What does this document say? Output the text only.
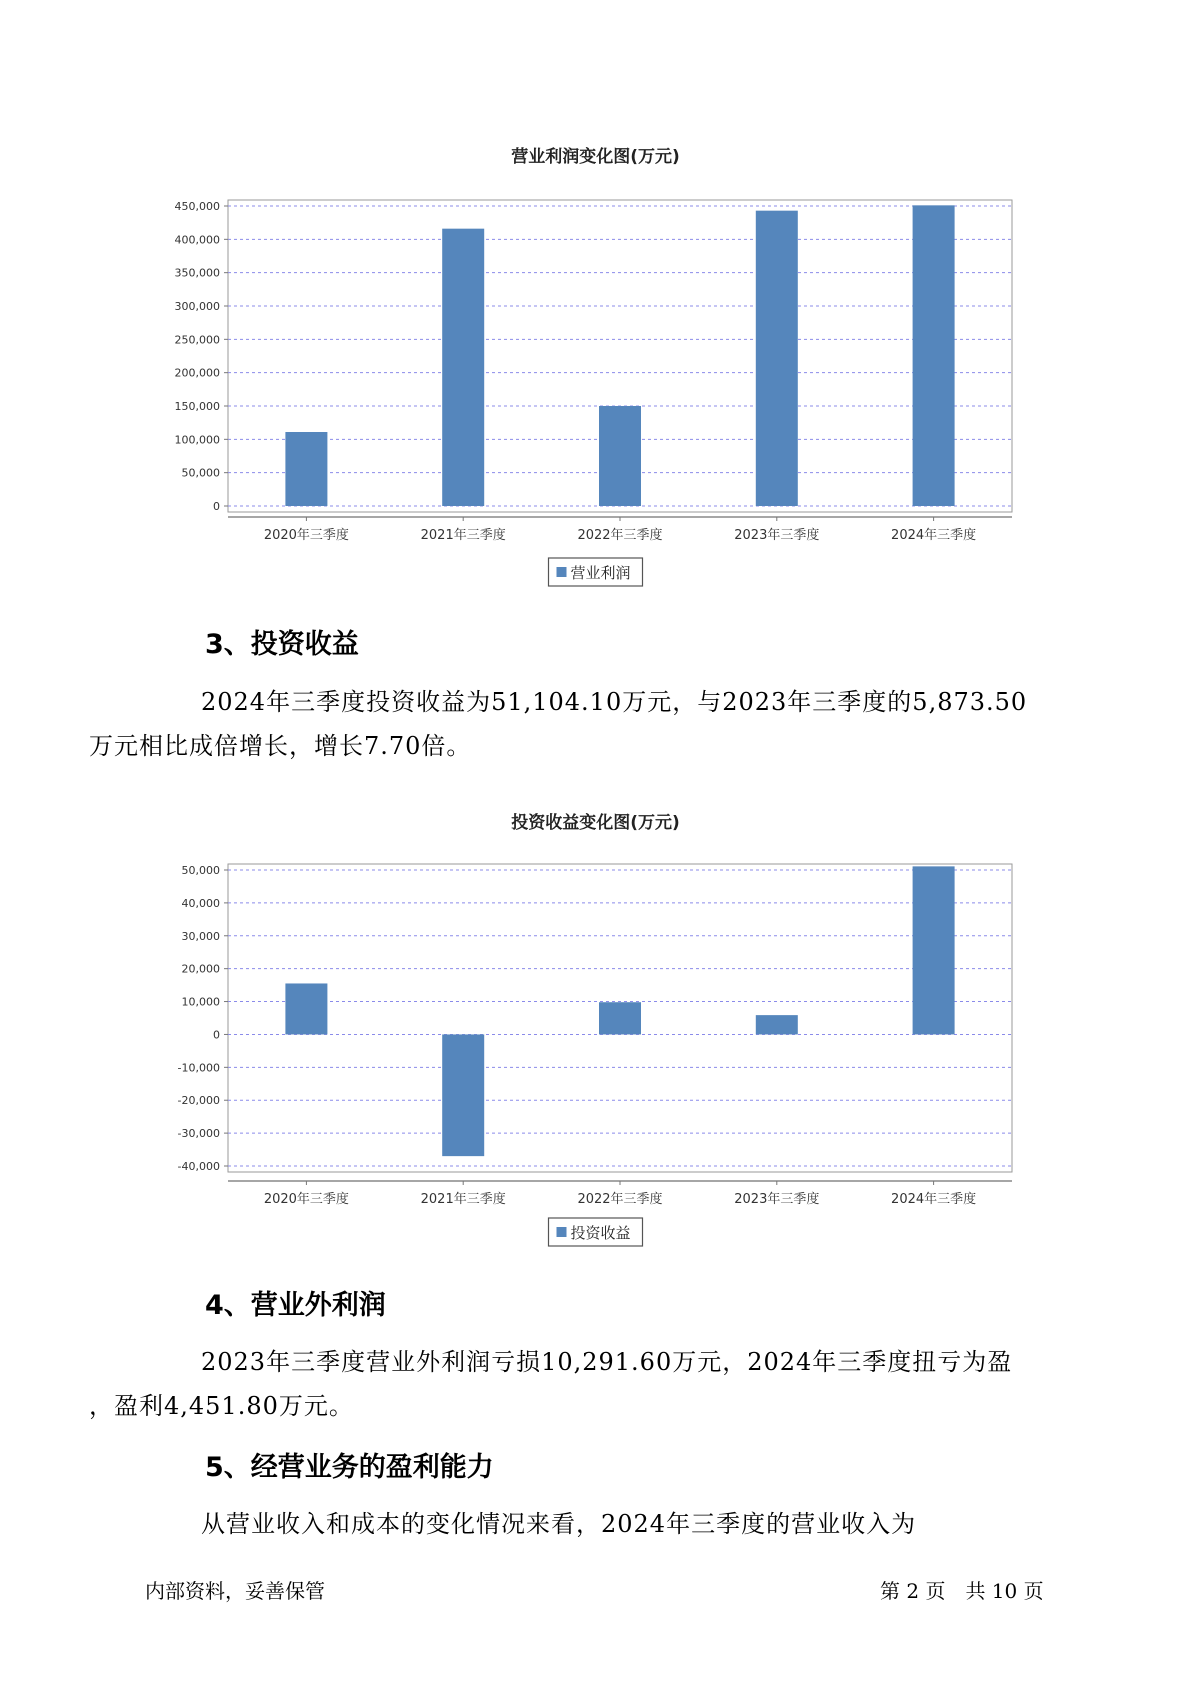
营业利润变化图(万元)
0
50,000
100,000
150,000
200,000
250,000
300,000
350,000
400,000
450,000
2020年三季度	2021年三季度	2022年三季度	2023年三季度	2024年三季度
营业利润
3、投资收益

2024年三季度投资收益为51,104.10万元，与2023年三季度的5,873.50
万元相比成倍增长，增长7.70倍。

投资收益变化图(万元)
-40,000
-30,000
-20,000
-10,000
0
10,000
20,000
30,000
40,000
50,000
2020年三季度	2021年三季度	2022年三季度	2023年三季度	2024年三季度
投资收益
4、营业外利润

2023年三季度营业外利润亏损10,291.60万元，2024年三季度扭亏为盈
，盈利4,451.80万元。

5、经营业务的盈利能力

从营业收入和成本的变化情况来看，2024年三季度的营业收入为

内部资料，妥善保管	第 2 页　共 10 页
